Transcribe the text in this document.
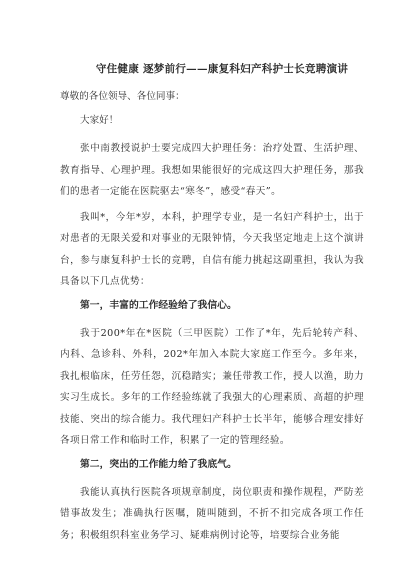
守住健康 逐梦前行——康复科妇产科护士长竞聘演讲
尊敬的各位领导、各位同事：
大家好！

张中南教授说护士要完成四大护理任务：治疗处置、生活护理、教育指导、心理护理。我想如果能很好的完成这四大护理任务，那我们的患者一定能在医院驱去“寒冬”，感受“春天”。

我叫*，今年*岁，本科，护理学专业，是一名妇产科护士，出于对患者的无限关爱和对事业的无限钟情，今天我坚定地走上这个演讲台，参与康复科护士长的竞聘，自信有能力挑起这副重担，我认为我具备以下几点优势：

第一，丰富的工作经验给了我信心。

我于200*年在*医院（三甲医院）工作了*年，先后轮转产科、内科、急诊科、外科，202*年加入本院大家庭工作至今。多年来，我扎根临床，任劳任怨，沉稳踏实；兼任带教工作，授人以渔，助力实习生成长。多年的工作经验练就了我强大的心理素质、高超的护理技能、突出的综合能力。我代理妇产科护士长半年，能够合理安排好各项日常工作和临时工作，积累了一定的管理经验。

第二，突出的工作能力给了我底气。

我能认真执行医院各项规章制度，岗位职责和操作规程，严防差错事故发生；准确执行医嘱，随叫随到，不折不扣完成各项工作任务；积极组织科室业务学习、疑难病例讨论等，培要综合业务能
